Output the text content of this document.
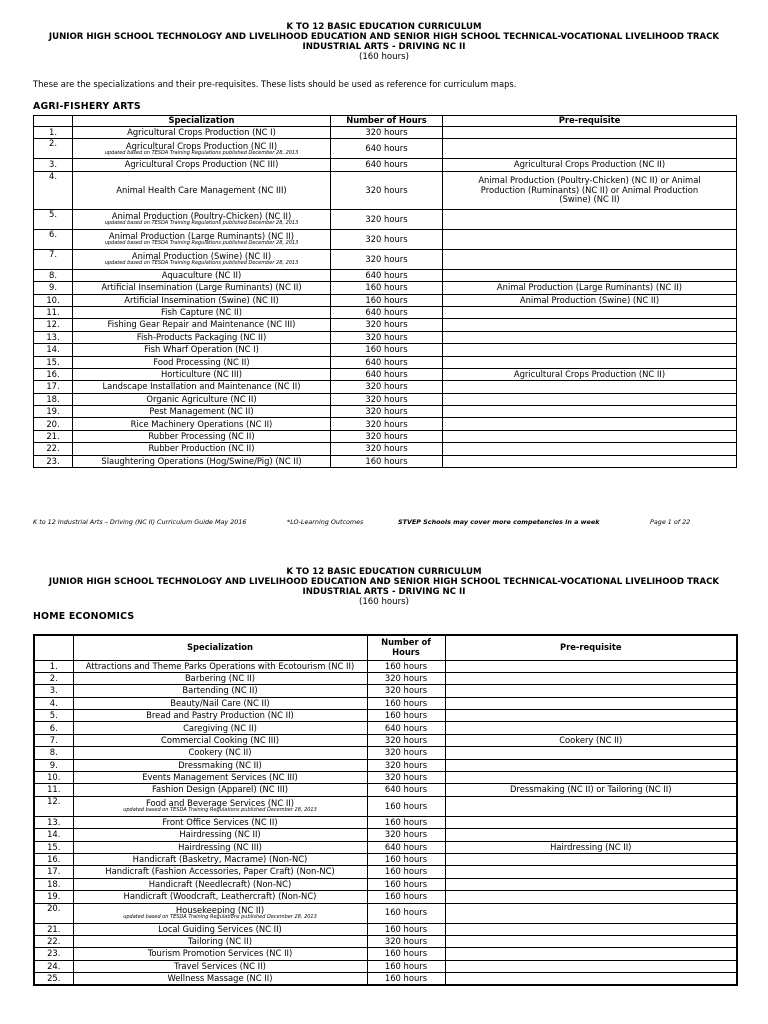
K TO 12 BASIC EDUCATION CURRICULUM
JUNIOR HIGH SCHOOL TECHNOLOGY AND LIVELIHOOD EDUCATION AND SENIOR HIGH SCHOOL TECHNICAL-VOCATIONAL LIVELIHOOD TRACK
INDUSTRIAL ARTS - DRIVING NC II
(160 hours)
These are the specializations and their pre-requisites. These lists should be used as reference for curriculum maps.
AGRI-FISHERY ARTS
	Specialization	Number of Hours	Pre-requisite
1.	Agricultural Crops Production (NC I)	320 hours	
2.	Agricultural Crops Production (NC II)
updated based on TESDA Training Regulations published December 28, 2013	640 hours	
3.	Agricultural Crops Production (NC III)	640 hours	Agricultural Crops Production (NC II)
4.	Animal Health Care Management (NC III)	320 hours	Animal Production (Poultry-Chicken) (NC II) or Animal Production (Ruminants) (NC II) or Animal Production (Swine) (NC II)
5.	Animal Production (Poultry-Chicken) (NC II)
updated based on TESDA Training Regulations published December 28, 2013	320 hours	
6.	Animal Production (Large Ruminants) (NC II)
updated based on TESDA Training Regulations published December 28, 2013	320 hours	
7.	Animal Production (Swine) (NC II)
updated based on TESDA Training Regulations published December 28, 2013	320 hours	
8.	Aquaculture (NC II)	640 hours	
9.	Artificial Insemination (Large Ruminants) (NC II)	160 hours	Animal Production (Large Ruminants) (NC II)
10.	Artificial Insemination (Swine) (NC II)	160 hours	Animal Production (Swine) (NC II)
11.	Fish Capture (NC II)	640 hours	
12.	Fishing Gear Repair and Maintenance (NC III)	320 hours	
13.	Fish-Products Packaging (NC II)	320 hours	
14.	Fish Wharf Operation (NC I)	160 hours	
15.	Food Processing (NC II)	640 hours	
16.	Horticulture (NC III)	640 hours	Agricultural Crops Production (NC II)
17.	Landscape Installation and Maintenance (NC II)	320 hours	
18.	Organic Agriculture (NC II)	320 hours	
19.	Pest Management (NC II)	320 hours	
20.	Rice Machinery Operations (NC II)	320 hours	
21.	Rubber Processing (NC II)	320 hours	
22.	Rubber Production (NC II)	320 hours	
23.	Slaughtering Operations (Hog/Swine/Pig) (NC II)	160 hours	
K to 12 Industrial Arts – Driving (NC II) Curriculum Guide May 2016	*LO-Learning Outcomes	STVEP Schools may cover more competencies in a week	Page 1 of 22
K TO 12 BASIC EDUCATION CURRICULUM
JUNIOR HIGH SCHOOL TECHNOLOGY AND LIVELIHOOD EDUCATION AND SENIOR HIGH SCHOOL TECHNICAL-VOCATIONAL LIVELIHOOD TRACK
INDUSTRIAL ARTS - DRIVING NC II
(160 hours)
HOME ECONOMICS
	Specialization	Number of Hours	Pre-requisite
1.	Attractions and Theme Parks Operations with Ecotourism (NC II)	160 hours	
2.	Barbering (NC II)	320 hours	
3.	Bartending (NC II)	320 hours	
4.	Beauty/Nail Care (NC II)	160 hours	
5.	Bread and Pastry Production (NC II)	160 hours	
6.	Caregiving (NC II)	640 hours	
7.	Commercial Cooking (NC III)	320 hours	Cookery (NC II)
8.	Cookery (NC II)	320 hours	
9.	Dressmaking (NC II)	320 hours	
10.	Events Management Services (NC III)	320 hours	
11.	Fashion Design (Apparel) (NC III)	640 hours	Dressmaking (NC II) or Tailoring (NC II)
12.	Food and Beverage Services (NC II)
updated based on TESDA Training Regulations published December 28, 2013	160 hours	
13.	Front Office Services (NC II)	160 hours	
14.	Hairdressing (NC II)	320 hours	
15.	Hairdressing (NC III)	640 hours	Hairdressing (NC II)
16.	Handicraft (Basketry, Macrame) (Non-NC)	160 hours	
17.	Handicraft (Fashion Accessories, Paper Craft) (Non-NC)	160 hours	
18.	Handicraft (Needlecraft) (Non-NC)	160 hours	
19.	Handicraft (Woodcraft, Leathercraft) (Non-NC)	160 hours	
20.	Housekeeping (NC II)
updated based on TESDA Training Regulations published December 28, 2013	160 hours	
21.	Local Guiding Services (NC II)	160 hours	
22.	Tailoring (NC II)	320 hours	
23.	Tourism Promotion Services (NC II)	160 hours	
24.	Travel Services (NC II)	160 hours	
25.	Wellness Massage (NC II)	160 hours	
